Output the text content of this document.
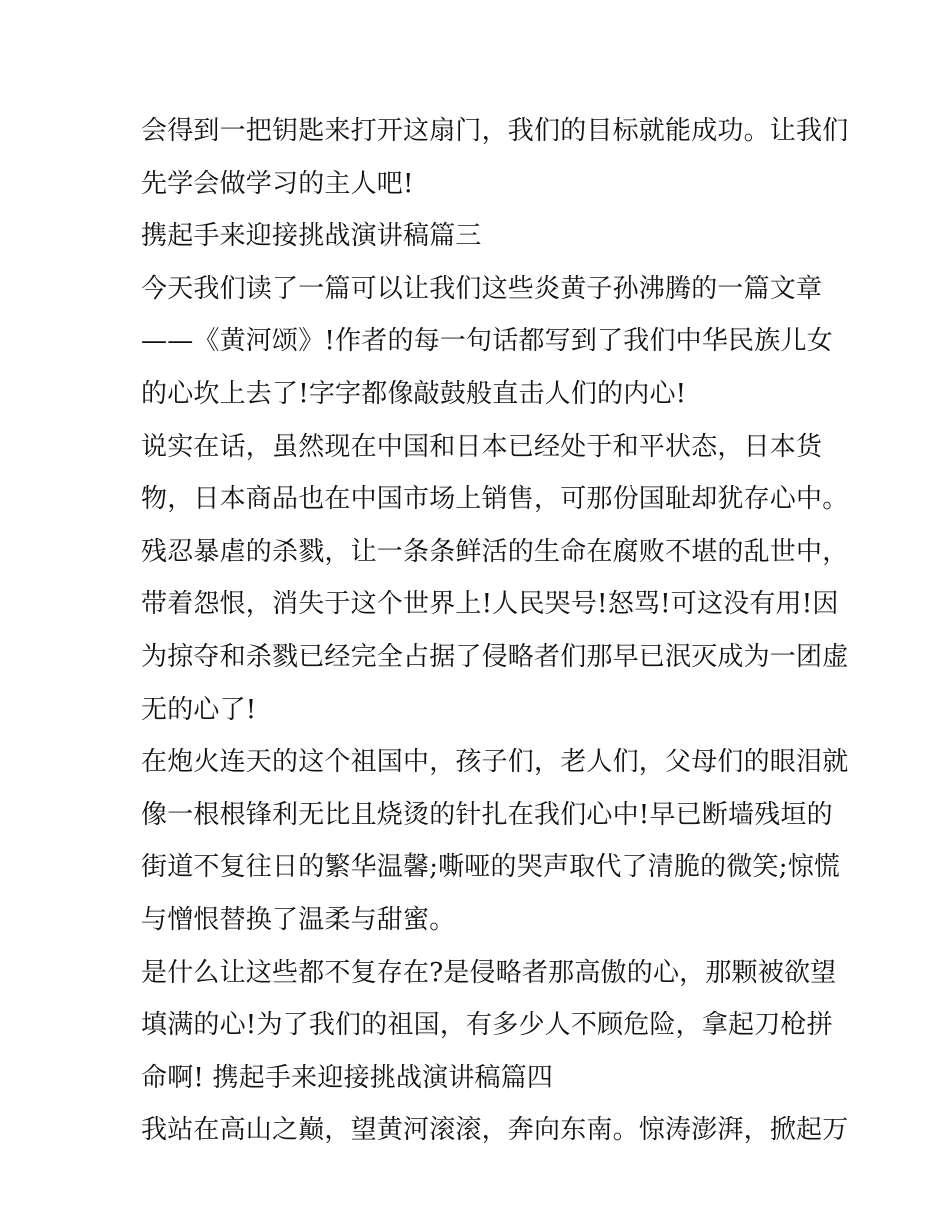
会得到一把钥匙来打开这扇门，我们的目标就能成功。让我们
先学会做学习的主人吧!
携起手来迎接挑战演讲稿篇三
今天我们读了一篇可以让我们这些炎黄子孙沸腾的一篇文章
——《黄河颂》!作者的每一句话都写到了我们中华民族儿女
的心坎上去了!字字都像敲鼓般直击人们的内心!
说实在话，虽然现在中国和日本已经处于和平状态，日本货
物，日本商品也在中国市场上销售，可那份国耻却犹存心中。
残忍暴虐的杀戮，让一条条鲜活的生命在腐败不堪的乱世中，
带着怨恨，消失于这个世界上!人民哭号!怒骂!可这没有用!因
为掠夺和杀戮已经完全占据了侵略者们那早已泯灭成为一团虚
无的心了!
在炮火连天的这个祖国中，孩子们，老人们，父母们的眼泪就
像一根根锋利无比且烧烫的针扎在我们心中!早已断墙残垣的
街道不复往日的繁华温馨;嘶哑的哭声取代了清脆的微笑;惊慌
与憎恨替换了温柔与甜蜜。
是什么让这些都不复存在?是侵略者那高傲的心，那颗被欲望
填满的心!为了我们的祖国，有多少人不顾危险，拿起刀枪拼
命啊! 携起手来迎接挑战演讲稿篇四
我站在高山之巅，望黄河滚滚，奔向东南。惊涛澎湃，掀起万
